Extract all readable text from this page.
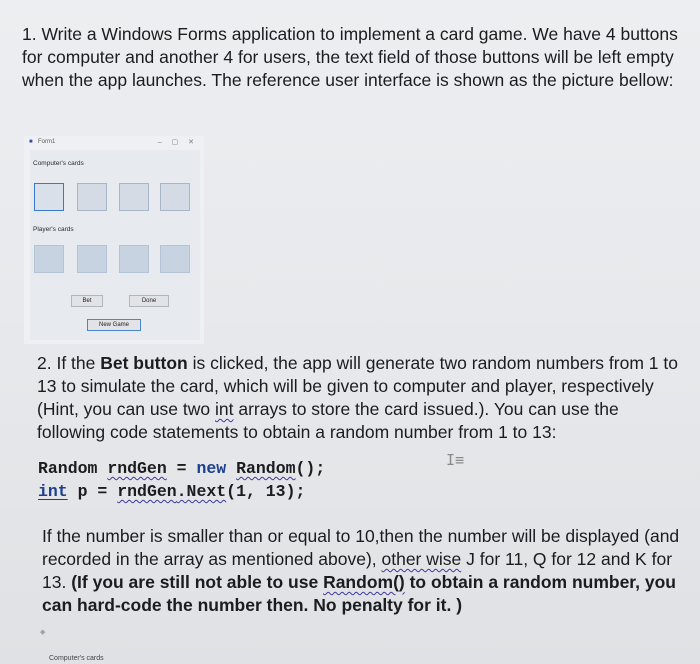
1. Write a Windows Forms application to implement a card game. We have 4 buttons for computer and another 4 for users, the text field of those buttons will be left empty when the app launches. The reference user interface is shown as the picture bellow:

■ Form1	– ▢ ✕
Computer's cards
Player's cards
Bet	Done
New Game

2. If the Bet button is clicked, the app will generate two random numbers from 1 to 13 to simulate the card, which will be given to computer and player, respectively (Hint, you can use two int arrays to store the card issued.). You can use the following code statements to obtain a random number from 1 to 13:

Random rndGen = new Random();
int p = rndGen.Next(1, 13);
I≡

If the number is smaller than or equal to 10,then the number will be displayed (and recorded in the array as mentioned above), other wise J for 11, Q for 12 and K for 13. (If you are still not able to use Random() to obtain a random number, you can hard-code the number then. No penalty for it. )

◆
Computer's cards
